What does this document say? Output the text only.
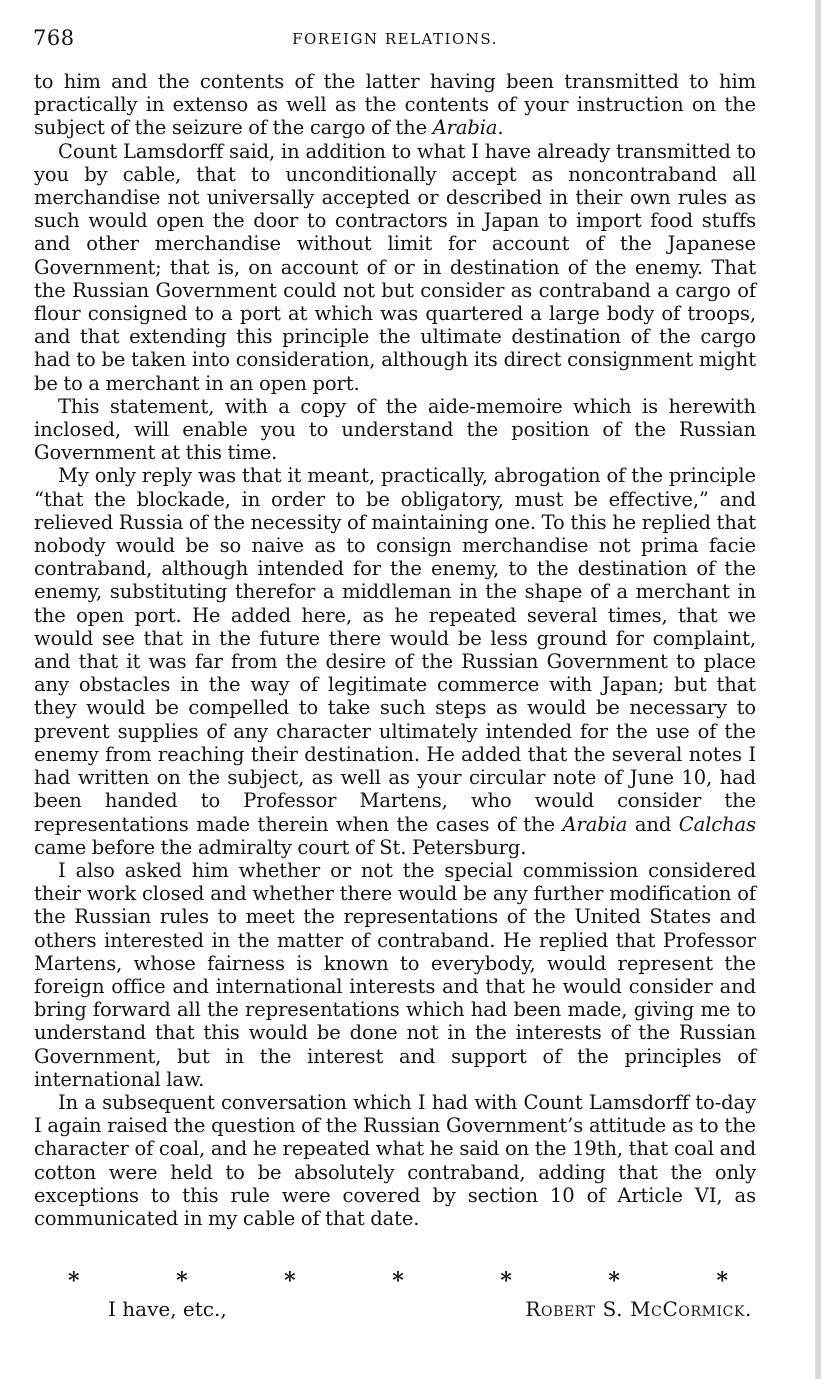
768	FOREIGN RELATIONS.

to him and the contents of the latter having been transmitted to him practically in extenso as well as the contents of your instruction on the subject of the seizure of the cargo of the Arabia.

Count Lamsdorff said, in addition to what I have already transmitted to you by cable, that to unconditionally accept as noncontraband all merchandise not universally accepted or described in their own rules as such would open the door to contractors in Japan to import food stuffs and other merchandise without limit for account of the Japanese Government; that is, on account of or in destination of the enemy. That the Russian Government could not but consider as contraband a cargo of flour consigned to a port at which was quartered a large body of troops, and that extending this principle the ultimate destination of the cargo had to be taken into consideration, although its direct consignment might be to a merchant in an open port.

This statement, with a copy of the aide-memoire which is herewith inclosed, will enable you to understand the position of the Russian Government at this time.

My only reply was that it meant, practically, abrogation of the principle “that the blockade, in order to be obligatory, must be effective,” and relieved Russia of the necessity of maintaining one. To this he replied that nobody would be so naive as to consign merchandise not prima facie contraband, although intended for the enemy, to the destination of the enemy, substituting therefor a middleman in the shape of a merchant in the open port. He added here, as he repeated several times, that we would see that in the future there would be less ground for complaint, and that it was far from the desire of the Russian Government to place any obstacles in the way of legitimate commerce with Japan; but that they would be compelled to take such steps as would be necessary to prevent supplies of any character ultimately intended for the use of the enemy from reaching their destination. He added that the several notes I had written on the subject, as well as your circular note of June 10, had been handed to Professor Martens, who would consider the representations made therein when the cases of the Arabia and Calchas came before the admiralty court of St. Petersburg.

I also asked him whether or not the special commission considered their work closed and whether there would be any further modification of the Russian rules to meet the representations of the United States and others interested in the matter of contraband. He replied that Professor Martens, whose fairness is known to everybody, would represent the foreign office and international interests and that he would consider and bring forward all the representations which had been made, giving me to understand that this would be done not in the interests of the Russian Government, but in the interest and support of the principles of international law.

In a subsequent conversation which I had with Count Lamsdorff to-day I again raised the question of the Russian Government’s attitude as to the character of coal, and he repeated what he said on the 19th, that coal and cotton were held to be absolutely contraband, adding that the only exceptions to this rule were covered by section 10 of Article VI, as communicated in my cable of that date.

*	*	*	*	*	*	*
I have, etc.,	Robert S. McCormick.
